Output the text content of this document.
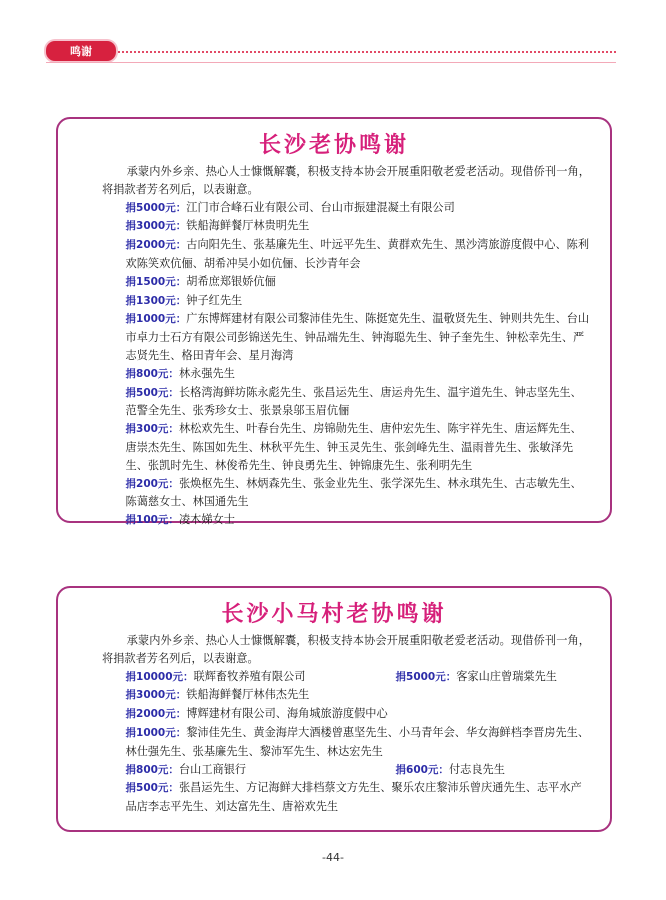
鸣谢
长沙老协鸣谢

承蒙内外乡亲、热心人士慷慨解囊，积极支持本协会开展重阳敬老爱老活动。现借侨刊一角，将捐款者芳名列后，以表谢意。

捐5000元：江门市合峰石业有限公司、台山市振建混凝土有限公司

捐3000元：铁船海鲜餐厅林贵明先生

捐2000元：古向阳先生、张基廉先生、叶远平先生、黄群欢先生、黑沙湾旅游度假中心、陈利欢陈笑欢伉俪、胡希冲吴小如伉俪、长沙青年会

捐1500元：胡希庶郑银娇伉俪

捐1300元：钟子红先生

捐1000元：广东博辉建材有限公司黎沛佳先生、陈挺宽先生、温敬贤先生、钟则共先生、台山市卓力士石方有限公司彭锦送先生、钟品端先生、钟海聪先生、钟子奎先生、钟松幸先生、严志贤先生、格田青年会、星月海湾

捐800元：林永强先生

捐500元：长格湾海鲜坊陈永彪先生、张昌运先生、唐运舟先生、温宇道先生、钟志坚先生、范警全先生、张秀珍女士、张景泉邬玉眉伉俪

捐300元：林松欢先生、叶春台先生、房锦勋先生、唐仲宏先生、陈宇祥先生、唐运辉先生、唐崇杰先生、陈国如先生、林秋平先生、钟玉灵先生、张剑峰先生、温雨普先生、张敏泽先生、张凯时先生、林俊希先生、钟良勇先生、钟锦康先生、张利明先生

捐200元：张焕枢先生、林炳森先生、张金业先生、张学深先生、林永琪先生、古志敏先生、陈蔼慈女士、林国通先生

捐100元：凌木娣女士

长沙小马村老协鸣谢

承蒙内外乡亲、热心人士慷慨解囊，积极支持本协会开展重阳敬老爱老活动。现借侨刊一角，将捐款者芳名列后，以表谢意。

捐10000元：联辉畜牧养殖有限公司	捐5000元：客家山庄曾瑞棠先生

捐3000元：铁船海鲜餐厅林伟杰先生

捐2000元：博辉建材有限公司、海角城旅游度假中心

捐1000元：黎沛佳先生、黄金海岸大酒楼曾惠坚先生、小马青年会、华女海鲜档李晋房先生、林仕强先生、张基廉先生、黎沛军先生、林达宏先生

捐800元：台山工商银行	捐600元：付志良先生

捐500元：张昌运先生、方记海鲜大排档蔡文方先生、聚乐农庄黎沛乐曾庆通先生、志平水产品店李志平先生、刘达富先生、唐裕欢先生

-44-
